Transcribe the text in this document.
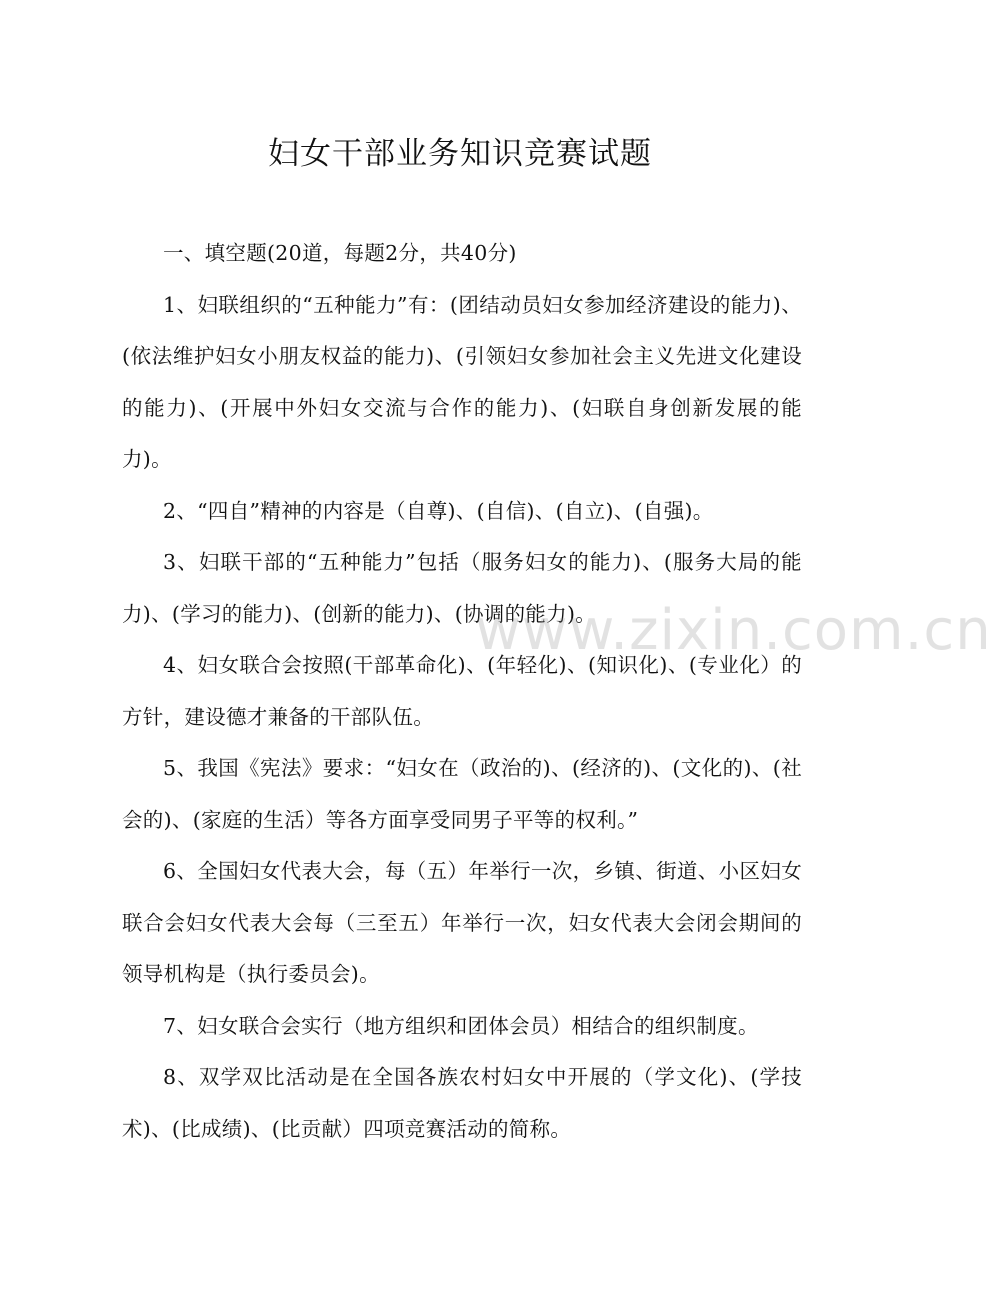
妇女干部业务知识竞赛试题

一、填空题(20道，每题2分，共40分)

1、妇联组织的“五种能力”有：(团结动员妇女参加经济建设的能力)、(依法维护妇女小朋友权益的能力)、(引领妇女参加社会主义先进文化建设的能力)、(开展中外妇女交流与合作的能力)、(妇联自身创新发展的能力)。

2、“四自”精神的内容是（自尊)、(自信)、(自立)、(自强)。

3、妇联干部的“五种能力”包括（服务妇女的能力)、(服务大局的能力)、(学习的能力)、(创新的能力)、(协调的能力)。

4、妇女联合会按照(干部革命化)、(年轻化)、(知识化)、(专业化）的方针，建设德才兼备的干部队伍。

5、我国《宪法》要求：“妇女在（政治的)、(经济的)、(文化的)、(社会的)、(家庭的生活）等各方面享受同男子平等的权利。”

6、全国妇女代表大会，每（五）年举行一次，乡镇、街道、小区妇女联合会妇女代表大会每（三至五）年举行一次，妇女代表大会闭会期间的领导机构是（执行委员会)。

7、妇女联合会实行（地方组织和团体会员）相结合的组织制度。

8、双学双比活动是在全国各族农村妇女中开展的（学文化)、(学技术)、(比成绩)、(比贡献）四项竞赛活动的简称。

www.zixin.com.cn
